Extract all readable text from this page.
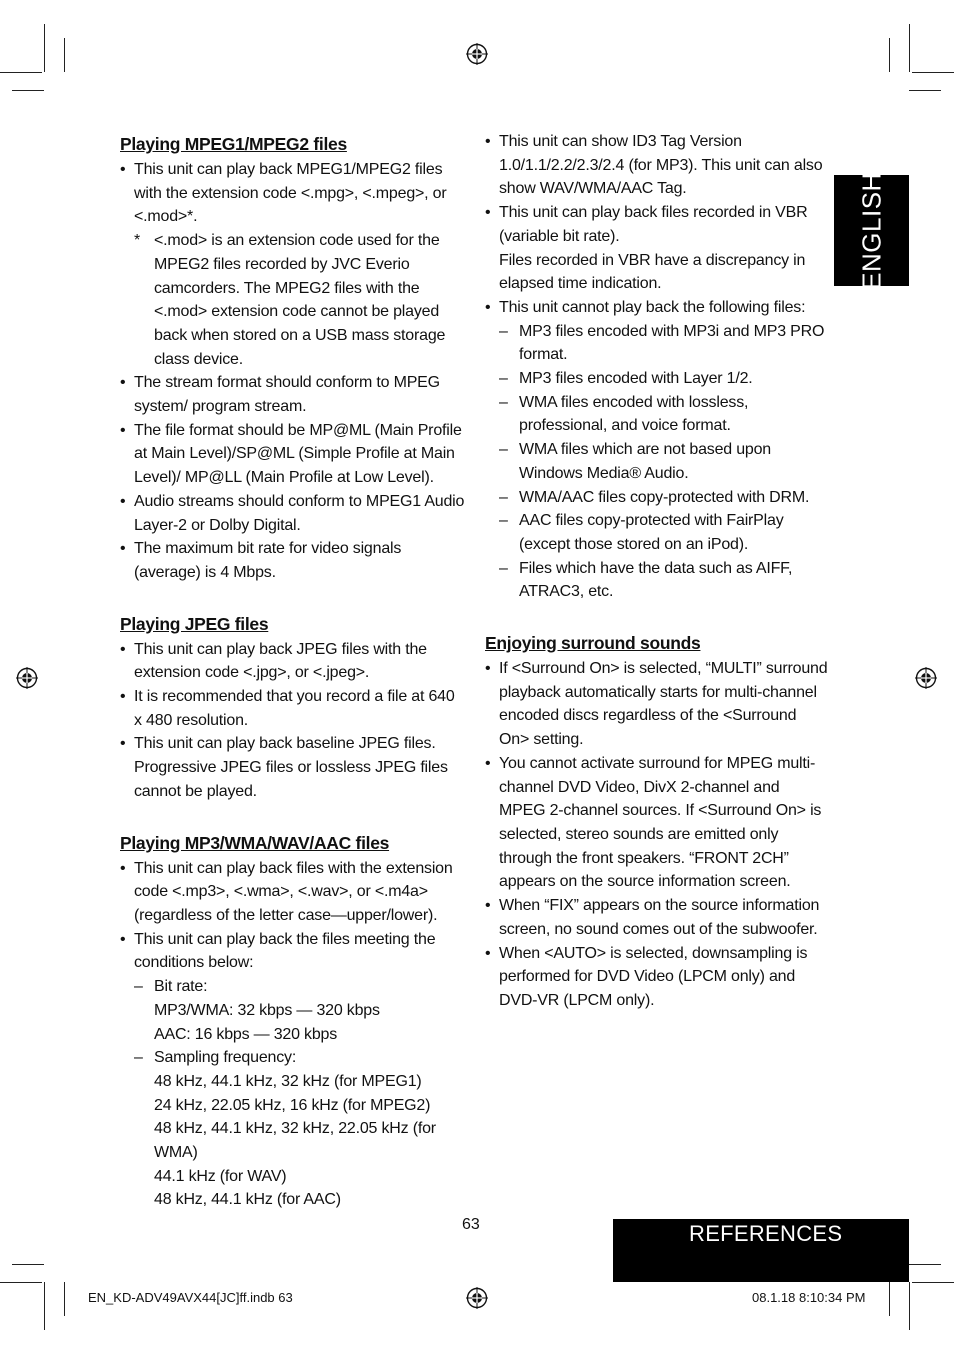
Playing MPEG1/MPEG2 files
• This unit can play back MPEG1/MPEG2 files with the extension code <.mpg>, <.mpeg>, or <.mod>*.
* <.mod> is an extension code used for the MPEG2 files recorded by JVC Everio camcorders. The MPEG2 files with the <.mod> extension code cannot be played back when stored on a USB mass storage class device.
• The stream format should conform to MPEG system/ program stream.
• The file format should be MP@ML (Main Profile at Main Level)/SP@ML (Simple Profile at Main Level)/ MP@LL (Main Profile at Low Level).
• Audio streams should conform to MPEG1 Audio Layer-2 or Dolby Digital.
• The maximum bit rate for video signals (average) is 4 Mbps.
Playing JPEG files
• This unit can play back JPEG files with the extension code <.jpg>, or <.jpeg>.
• It is recommended that you record a file at 640 x 480 resolution.
• This unit can play back baseline JPEG files. Progressive JPEG files or lossless JPEG files cannot be played.
Playing MP3/WMA/WAV/AAC files
• This unit can play back files with the extension code <.mp3>, <.wma>, <.wav>, or <.m4a> (regardless of the letter case—upper/lower).
• This unit can play back the files meeting the conditions below:
– Bit rate:
MP3/WMA: 32 kbps — 320 kbps
AAC: 16 kbps — 320 kbps
– Sampling frequency:
48 kHz, 44.1 kHz, 32 kHz (for MPEG1)
24 kHz, 22.05 kHz, 16 kHz (for MPEG2)
48 kHz, 44.1 kHz, 32 kHz, 22.05 kHz (for WMA)
44.1 kHz (for WAV)
48 kHz, 44.1 kHz (for AAC)
• This unit can show ID3 Tag Version 1.0/1.1/2.2/2.3/2.4 (for MP3). This unit can also show WAV/WMA/AAC Tag.
• This unit can play back files recorded in VBR (variable bit rate).
Files recorded in VBR have a discrepancy in elapsed time indication.
• This unit cannot play back the following files:
– MP3 files encoded with MP3i and MP3 PRO format.
– MP3 files encoded with Layer 1/2.
– WMA files encoded with lossless, professional, and voice format.
– WMA files which are not based upon Windows Media® Audio.
– WMA/AAC files copy-protected with DRM.
– AAC files copy-protected with FairPlay (except those stored on an iPod).
– Files which have the data such as AIFF, ATRAC3, etc.
Enjoying surround sounds
• If <Surround On> is selected, “MULTI” surround playback automatically starts for multi-channel encoded discs regardless of the <Surround On> setting.
• You cannot activate surround for MPEG multi-channel DVD Video, DivX 2-channel and MPEG 2-channel sources. If <Surround On> is selected, stereo sounds are emitted only through the front speakers. “FRONT 2CH” appears on the source information screen.
• When “FIX” appears on the source information screen, no sound comes out of the subwoofer.
• When <AUTO> is selected, downsampling is performed for DVD Video (LPCM only) and DVD-VR (LPCM only).
ENGLISH
63	REFERENCES
EN_KD-ADV49AVX44[JC]ff.indb 63	08.1.18 8:10:34 PM
